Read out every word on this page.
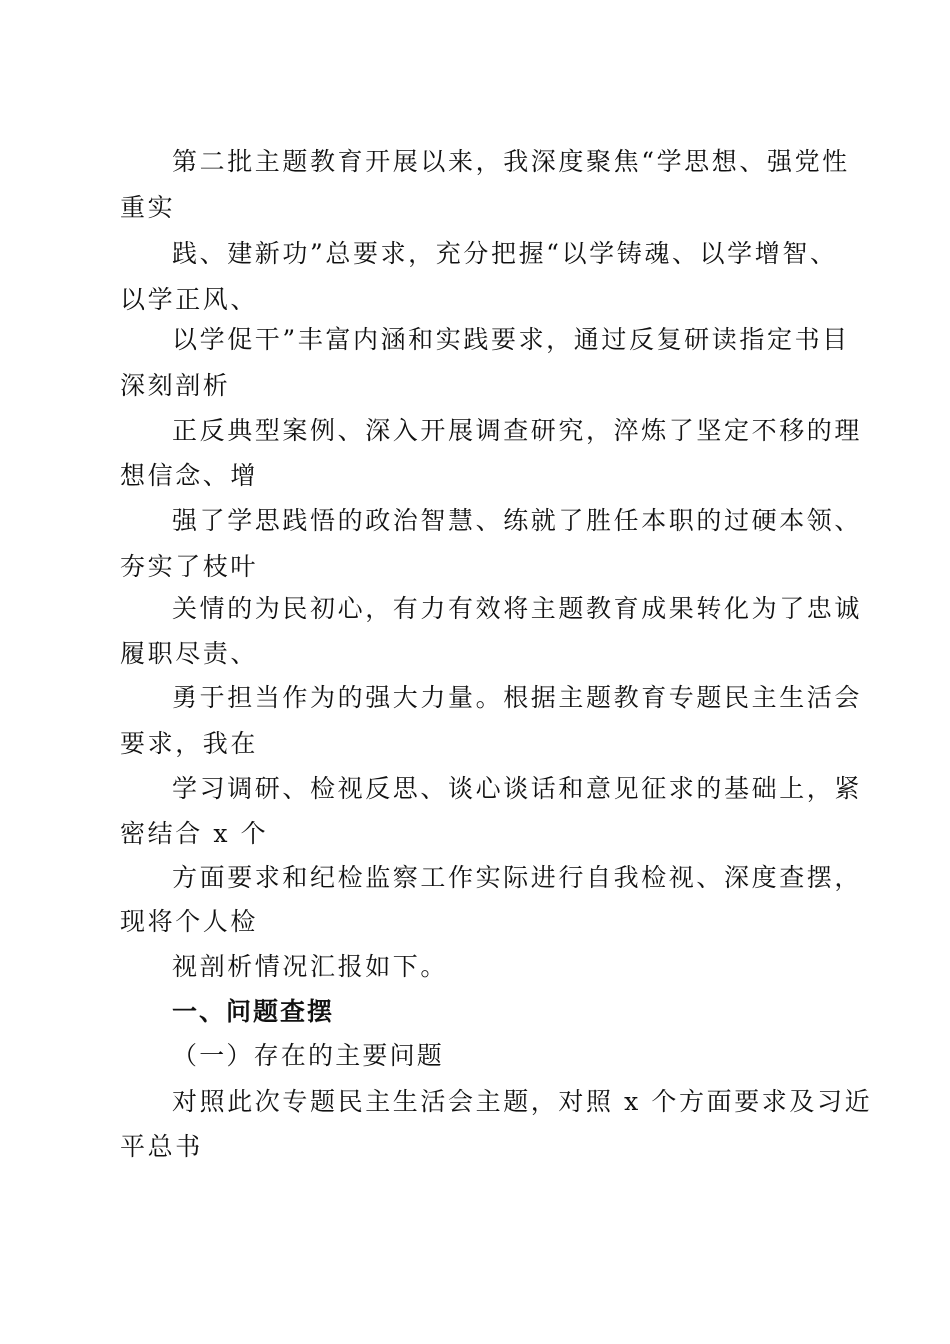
第二批主题教育开展以来，我深度聚焦“学思想、强党性
重实
践、建新功”总要求，充分把握“以学铸魂、以学增智、
以学正风、
以学促干”丰富内涵和实践要求，通过反复研读指定书目
深刻剖析
正反典型案例、深入开展调查研究，淬炼了坚定不移的理
想信念、增
强了学思践悟的政治智慧、练就了胜任本职的过硬本领、
夯实了枝叶
关情的为民初心，有力有效将主题教育成果转化为了忠诚
履职尽责、
勇于担当作为的强大力量。根据主题教育专题民主生活会
要求，我在
学习调研、检视反思、谈心谈话和意见征求的基础上，紧
密结合 x 个
方面要求和纪检监察工作实际进行自我检视、深度查摆，
现将个人检
视剖析情况汇报如下。
一、问题查摆
（一）存在的主要问题
对照此次专题民主生活会主题，对照 x 个方面要求及习近
平总书
